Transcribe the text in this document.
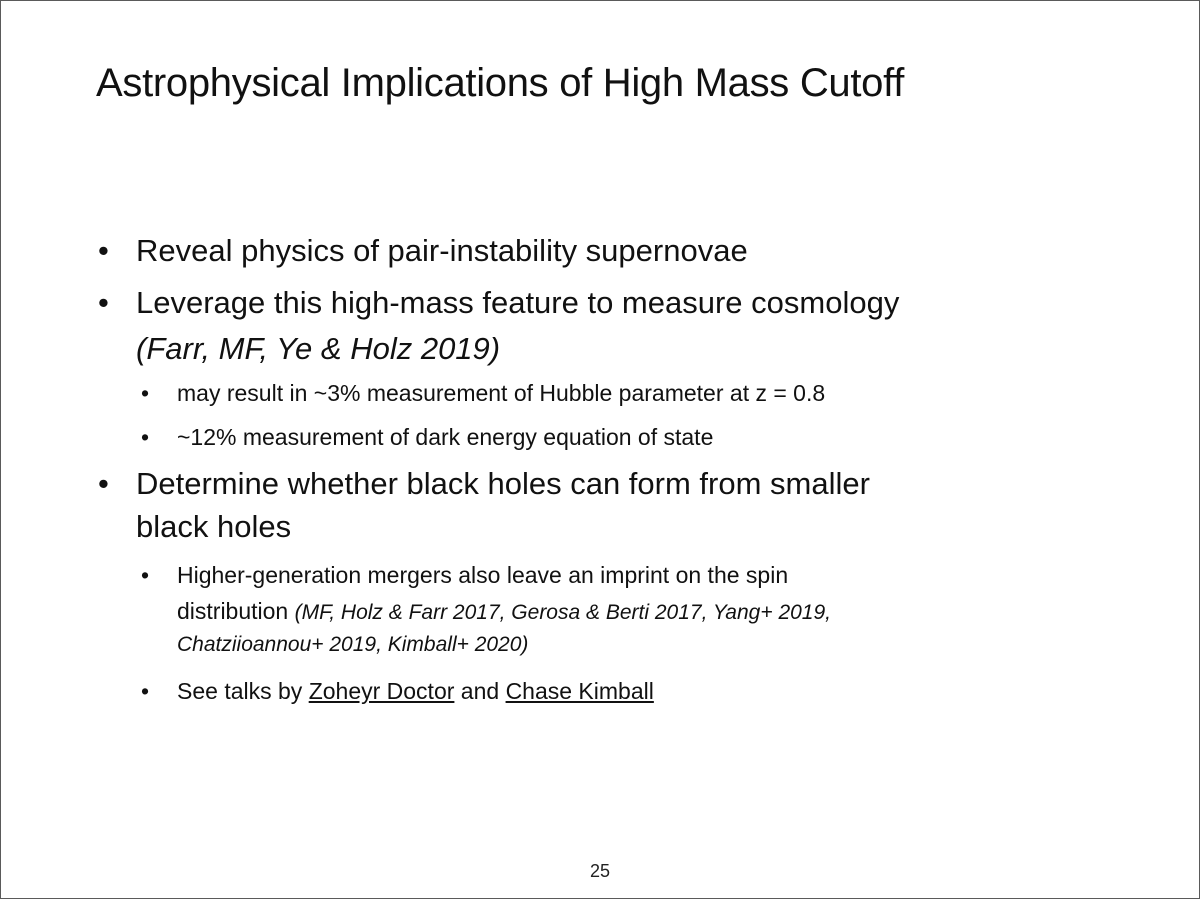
Astrophysical Implications of High Mass Cutoff
• Reveal physics of pair-instability supernovae
• Leverage this high-mass feature to measure cosmology
(Farr, MF, Ye & Holz 2019)
• may result in ~3% measurement of Hubble parameter at z = 0.8
• ~12% measurement of dark energy equation of state
• Determine whether black holes can form from smaller
black holes
• Higher-generation mergers also leave an imprint on the spin
distribution (MF, Holz & Farr 2017, Gerosa & Berti 2017, Yang+ 2019,
Chatziioannou+ 2019, Kimball+ 2020)
• See talks by Zoheyr Doctor and Chase Kimball
25
